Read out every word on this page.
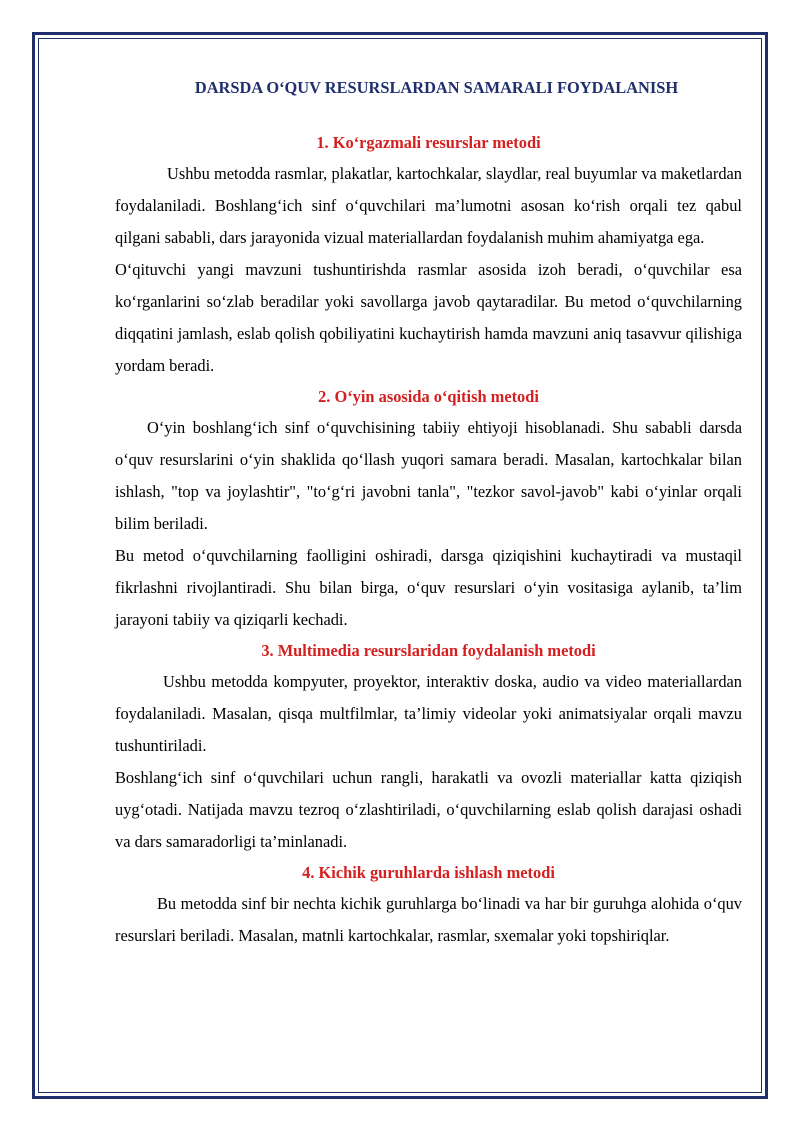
DARSDA O‘QUV RESURSLARDAN SAMARALI FOYDALANISH
1. Ko‘rgazmali resurslar metodi

Ushbu metodda rasmlar, plakatlar, kartochkalar, slaydlar, real buyumlar va maketlardan foydalaniladi. Boshlang‘ich sinf o‘quvchilari ma’lumotni asosan ko‘rish orqali tez qabul qilgani sababli, dars jarayonida vizual materiallardan foydalanish muhim ahamiyatga ega.

O‘qituvchi yangi mavzuni tushuntirishda rasmlar asosida izoh beradi, o‘quvchilar esa ko‘rganlarini so‘zlab beradilar yoki savollarga javob qaytaradilar. Bu metod o‘quvchilarning diqqatini jamlash, eslab qolish qobiliyatini kuchaytirish hamda mavzuni aniq tasavvur qilishiga yordam beradi.

2. O‘yin asosida o‘qitish metodi

O‘yin boshlang‘ich sinf o‘quvchisining tabiiy ehtiyoji hisoblanadi. Shu sababli darsda o‘quv resurslarini o‘yin shaklida qo‘llash yuqori samara beradi. Masalan, kartochkalar bilan ishlash, "top va joylashtir", "to‘g‘ri javobni tanla", "tezkor savol-javob" kabi o‘yinlar orqali bilim beriladi.

Bu metod o‘quvchilarning faolligini oshiradi, darsga qiziqishini kuchaytiradi va mustaqil fikrlashni rivojlantiradi. Shu bilan birga, o‘quv resurslari o‘yin vositasiga aylanib, ta’lim jarayoni tabiiy va qiziqarli kechadi.

3. Multimedia resurslaridan foydalanish metodi

Ushbu metodda kompyuter, proyektor, interaktiv doska, audio va video materiallardan foydalaniladi. Masalan, qisqa multfilmlar, ta’limiy videolar yoki animatsiyalar orqali mavzu tushuntiriladi.

Boshlang‘ich sinf o‘quvchilari uchun rangli, harakatli va ovozli materiallar katta qiziqish uyg‘otadi. Natijada mavzu tezroq o‘zlashtiriladi, o‘quvchilarning eslab qolish darajasi oshadi va dars samaradorligi ta’minlanadi.

4. Kichik guruhlarda ishlash metodi

Bu metodda sinf bir nechta kichik guruhlarga bo‘linadi va har bir guruhga alohida o‘quv resurslari beriladi. Masalan, matnli kartochkalar, rasmlar, sxemalar yoki topshiriqlar.
